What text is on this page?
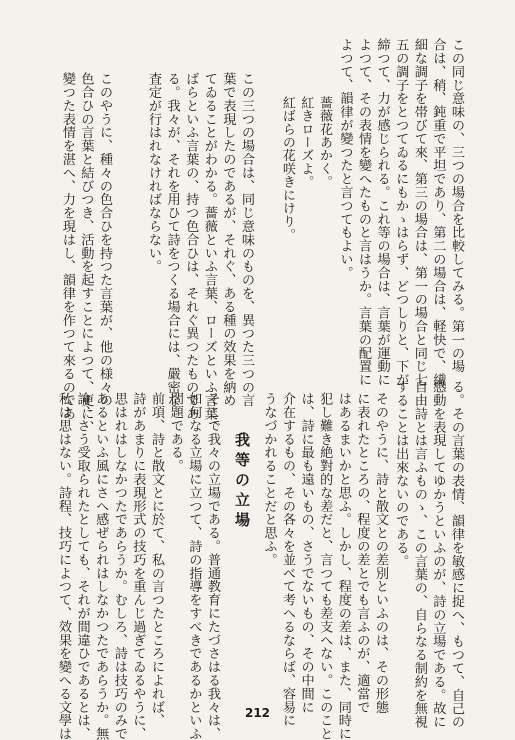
この同じ意味の、三つの場合を比較してみる。第一の場

合は、稍、鈍重で平坦であり、第二の場合は、軽快で、繊

細な調子を帯びて來、第三の場合は、第一の場合と同じ七

五の調子をとつてゐるにもかゝはらず、どつしりと、下が

締つて、力が感じられる。これ等の場合は、言葉が運動に

よつて、その表情を變へたものと言はうか。言葉の配置に

よつて、韻律が變つたと言つてもよい。

薔薇花あかく。

紅きローズよ。

紅ばらの花咲きにけり。

この三つの場合は、同じ意味のものを、異つた三つの言

葉で表現したのであるが、それぐ、ある種の效果を納め

てゐることがわかる。薔薇といふ言葉、ローズといふ言葉、

ばらといふ言葉の、持つ色合ひは、それぐ異つたものであ

る。我々が、それを用ひて詩をつくる場合には、嚴密な

査定が行はれなければならない。

このやうに、種々の色合ひを持つた言葉が、他の様々の

色合ひの言葉と結びつき、活動を起すことによつて、更に、

變つた表情を湛へ、力を現はし、韻律を作つて來るのであ

る。その言葉の表情、韻律を敏感に捉へ、もつて、自己の

感動を表現してゆかうといふのが、詩の立場である。故に

自由詩とは言ふものゝ、この言葉の、自らなる制約を無視

することは出來ないのである。

そのやうに、詩と散文との差別といふのは、その形態

に表れたところの、程度の差とでも言ふのが、適當で

はあるまいかと思ふ。しかし、程度の差は、また、同時に

犯し難き絶對的な差だと、言つても差支へない。このこと

は、詩に最も遠いもの、さうでないもの、その中間に

介在するもの、その各々を並べて考へるならば、容易に

うなづかれることだと思ふ。

我等の立場

そこで我々の立場である。普通教育にたづさはる我々は、

如何なる立場に立つて、詩の指導をすべきであるかといふ

問題である。

前項、詩と散文とに於て、私の言つたところによれば、

詩があまりに表現形式の技巧を重んじ過ぎてゐるやうに、

思はれはしなかつたであらうか。むしろ、詩は技巧のみで

あるといふ風にさへ感ぜられはしなかつたであらうか。無

論、さう受取られたとしても、それが間違ひであるとは、

私は思はない。詩程、技巧によつて、效果を變へる文學は	212
